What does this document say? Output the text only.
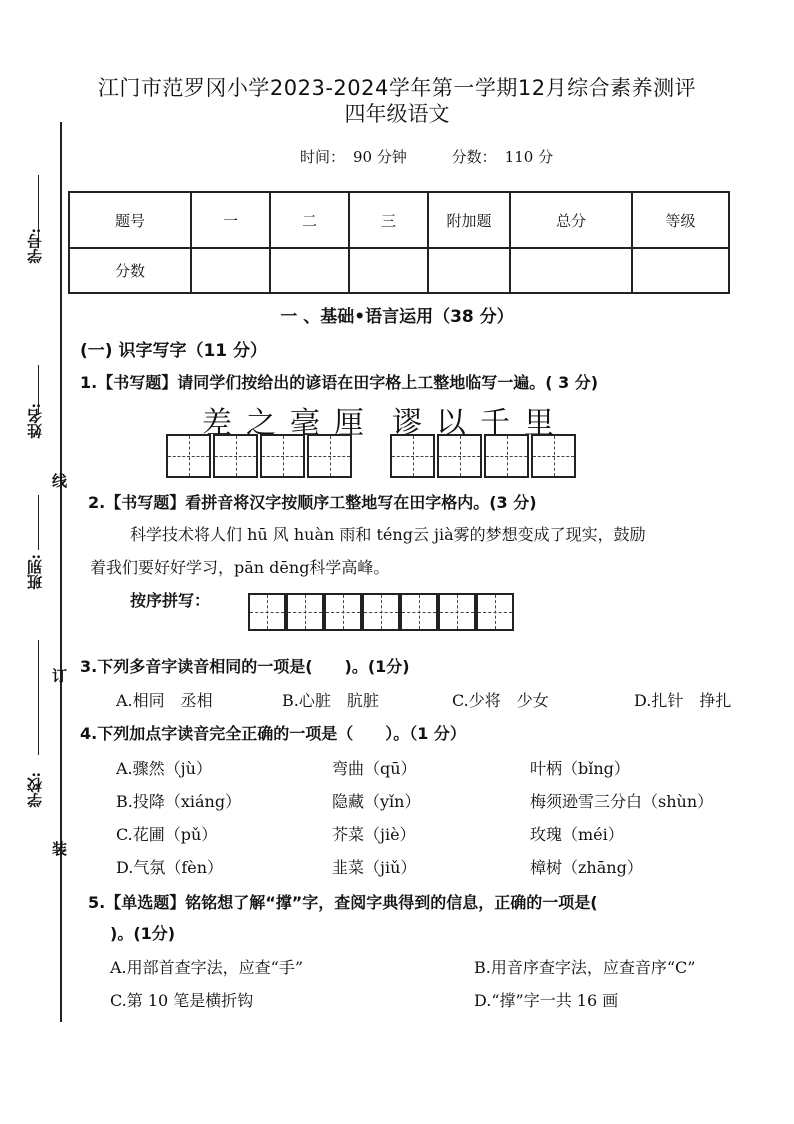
江门市范罗冈小学2023-2024学年第一学期12月综合素养测评
四年级语文
时间： 90 分钟	分数： 110 分
学号:
姓名:
线
班别:
订
学校:
装
题号	一	二	三	附加题	总分	等级
分数						
一 、基础•语言运用（38 分）
(一) 识字写字（11 分）
1.【书写题】请同学们按给出的谚语在田字格上工整地临写一遍。( 3 分)
差之毫厘 谬以千里
2.【书写题】看拼音将汉字按顺序工整地写在田字格内。(3 分)
科学技术将人们 hū 风 huàn 雨和 téng云 jià雾的梦想变成了现实，鼓励
着我们要好好学习，pān dēng科学高峰。
按序拼写：
3.下列多音字读音相同的一项是(　　)。(1分)
A.相同　丞相	B.心脏　肮脏	C.少将　少女	D.扎针　挣扎
4.下列加点字读音完全正确的一项是（　　）。（1 分）
A.骤然（jù）	弯曲（qū）	叶柄（bǐng）
B.投降（xiáng）	隐藏（yǐn）	梅须逊雪三分白（shùn）
C.花圃（pǔ）	芥菜（jiè）	玫瑰（méi）
D.气氛（fèn）	韭菜（jiǔ）	樟树（zhāng）
5.【单选题】铭铭想了解“撑”字，查阅字典得到的信息，正确的一项是(
)。(1分)
A.用部首查字法，应查“手”	B.用音序查字法，应查音序“C”
C.第 10 笔是横折钩	D.“撑”字一共 16 画
